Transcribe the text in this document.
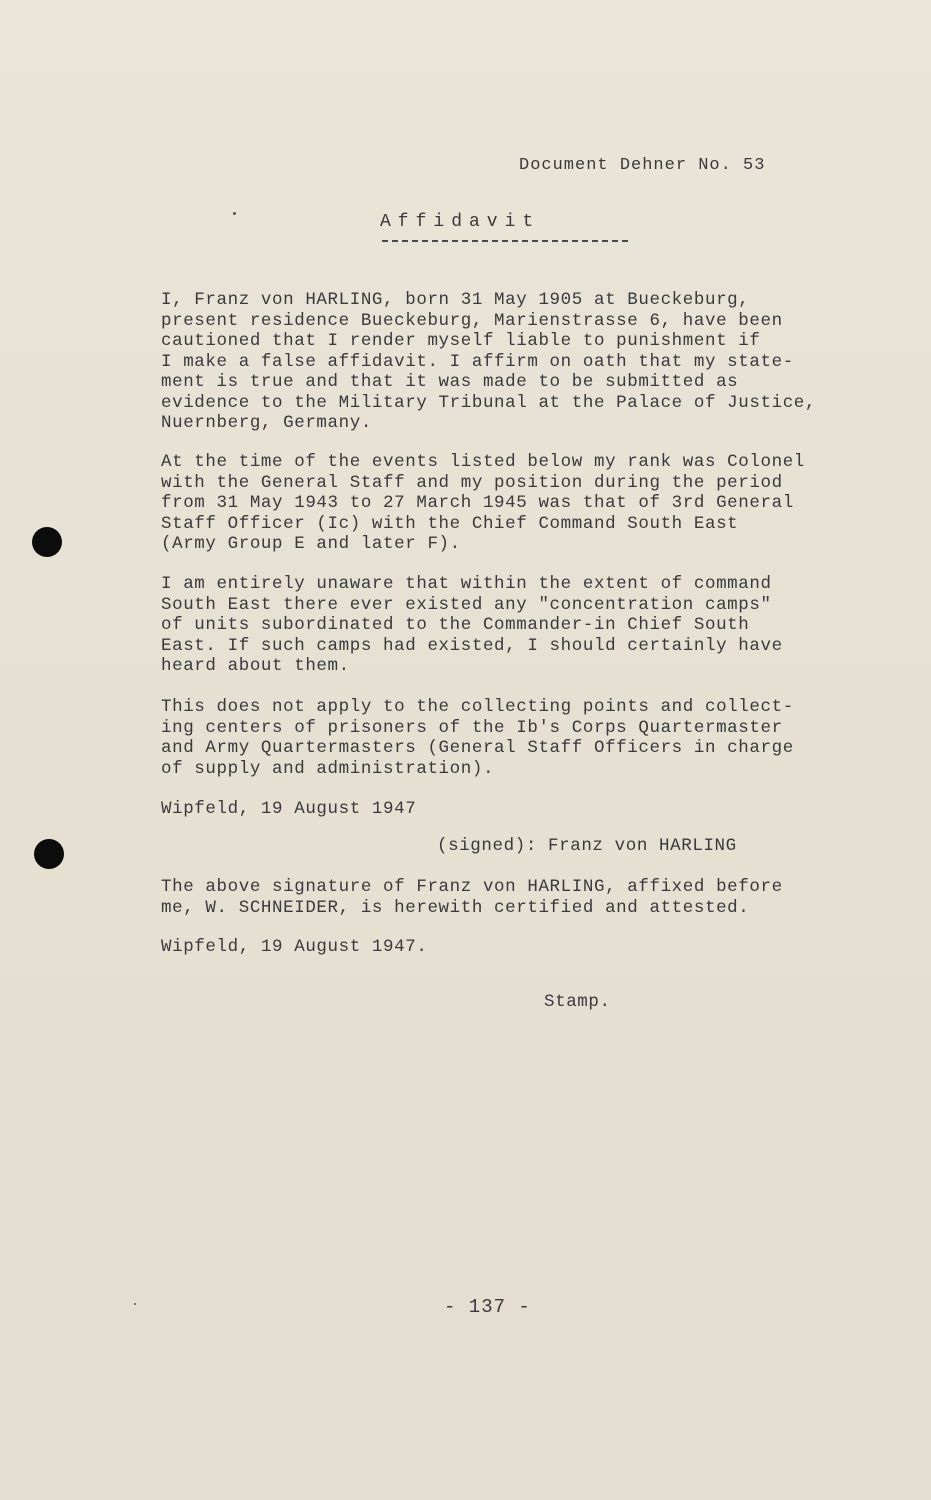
Document Dehner No. 53
Affidavit
I, Franz von HARLING, born 31 May 1905 at Bueckeburg,
present residence Bueckeburg, Marienstrasse 6, have been
cautioned that I render myself liable to punishment if
I make a false affidavit. I affirm on oath that my state-
ment is true and that it was made to be submitted as
evidence to the Military Tribunal at the Palace of Justice,
Nuernberg, Germany.
At the time of the events listed below my rank was Colonel
with the General Staff and my position during the period
from 31 May 1943 to 27 March 1945 was that of 3rd General
Staff Officer (Ic) with the Chief Command South East
(Army Group E and later F).
I am entirely unaware that within the extent of command
South East there ever existed any "concentration camps"
of units subordinated to the Commander-in Chief South
East. If such camps had existed, I should certainly have
heard about them.
This does not apply to the collecting points and collect-
ing centers of prisoners of the Ib's Corps Quartermaster
and Army Quartermasters (General Staff Officers in charge
of supply and administration).
Wipfeld, 19 August 1947
(signed): Franz von HARLING
The above signature of Franz von HARLING, affixed before
me, W. SCHNEIDER, is herewith certified and attested.
Wipfeld, 19 August 1947.
Stamp.
- 137 -
